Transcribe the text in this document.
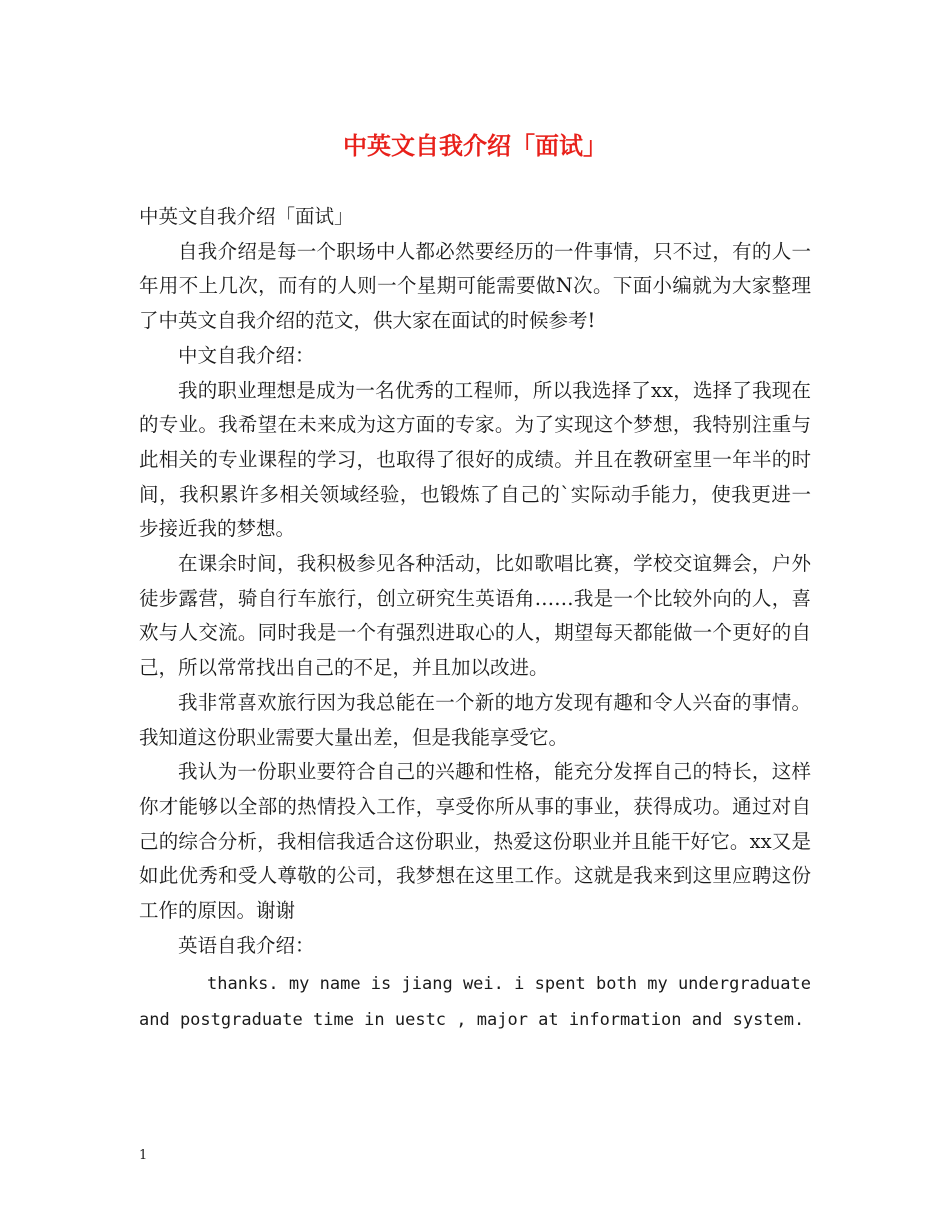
中英文自我介绍「面试」

中英文自我介绍「面试」

自我介绍是每一个职场中人都必然要经历的一件事情，只不过，有的人一年用不上几次，而有的人则一个星期可能需要做N次。下面小编就为大家整理了中英文自我介绍的范文，供大家在面试的时候参考!

中文自我介绍：

我的职业理想是成为一名优秀的工程师，所以我选择了xx，选择了我现在的专业。我希望在未来成为这方面的专家。为了实现这个梦想，我特别注重与此相关的专业课程的学习，也取得了很好的成绩。并且在教研室里一年半的时间，我积累许多相关领域经验，也锻炼了自己的`实际动手能力，使我更进一步接近我的梦想。

在课余时间，我积极参见各种活动，比如歌唱比赛，学校交谊舞会，户外徒步露营，骑自行车旅行，创立研究生英语角……我是一个比较外向的人，喜欢与人交流。同时我是一个有强烈进取心的人，期望每天都能做一个更好的自己，所以常常找出自己的不足，并且加以改进。

我非常喜欢旅行因为我总能在一个新的地方发现有趣和令人兴奋的事情。我知道这份职业需要大量出差，但是我能享受它。

我认为一份职业要符合自己的兴趣和性格，能充分发挥自己的特长，这样你才能够以全部的热情投入工作，享受你所从事的事业，获得成功。通过对自己的综合分析，我相信我适合这份职业，热爱这份职业并且能干好它。xx又是如此优秀和受人尊敬的公司，我梦想在这里工作。这就是我来到这里应聘这份工作的原因。谢谢

英语自我介绍：

thanks. my name is jiang wei. i spent both my undergraduate and postgraduate time in uestc , major at information and system.

1
